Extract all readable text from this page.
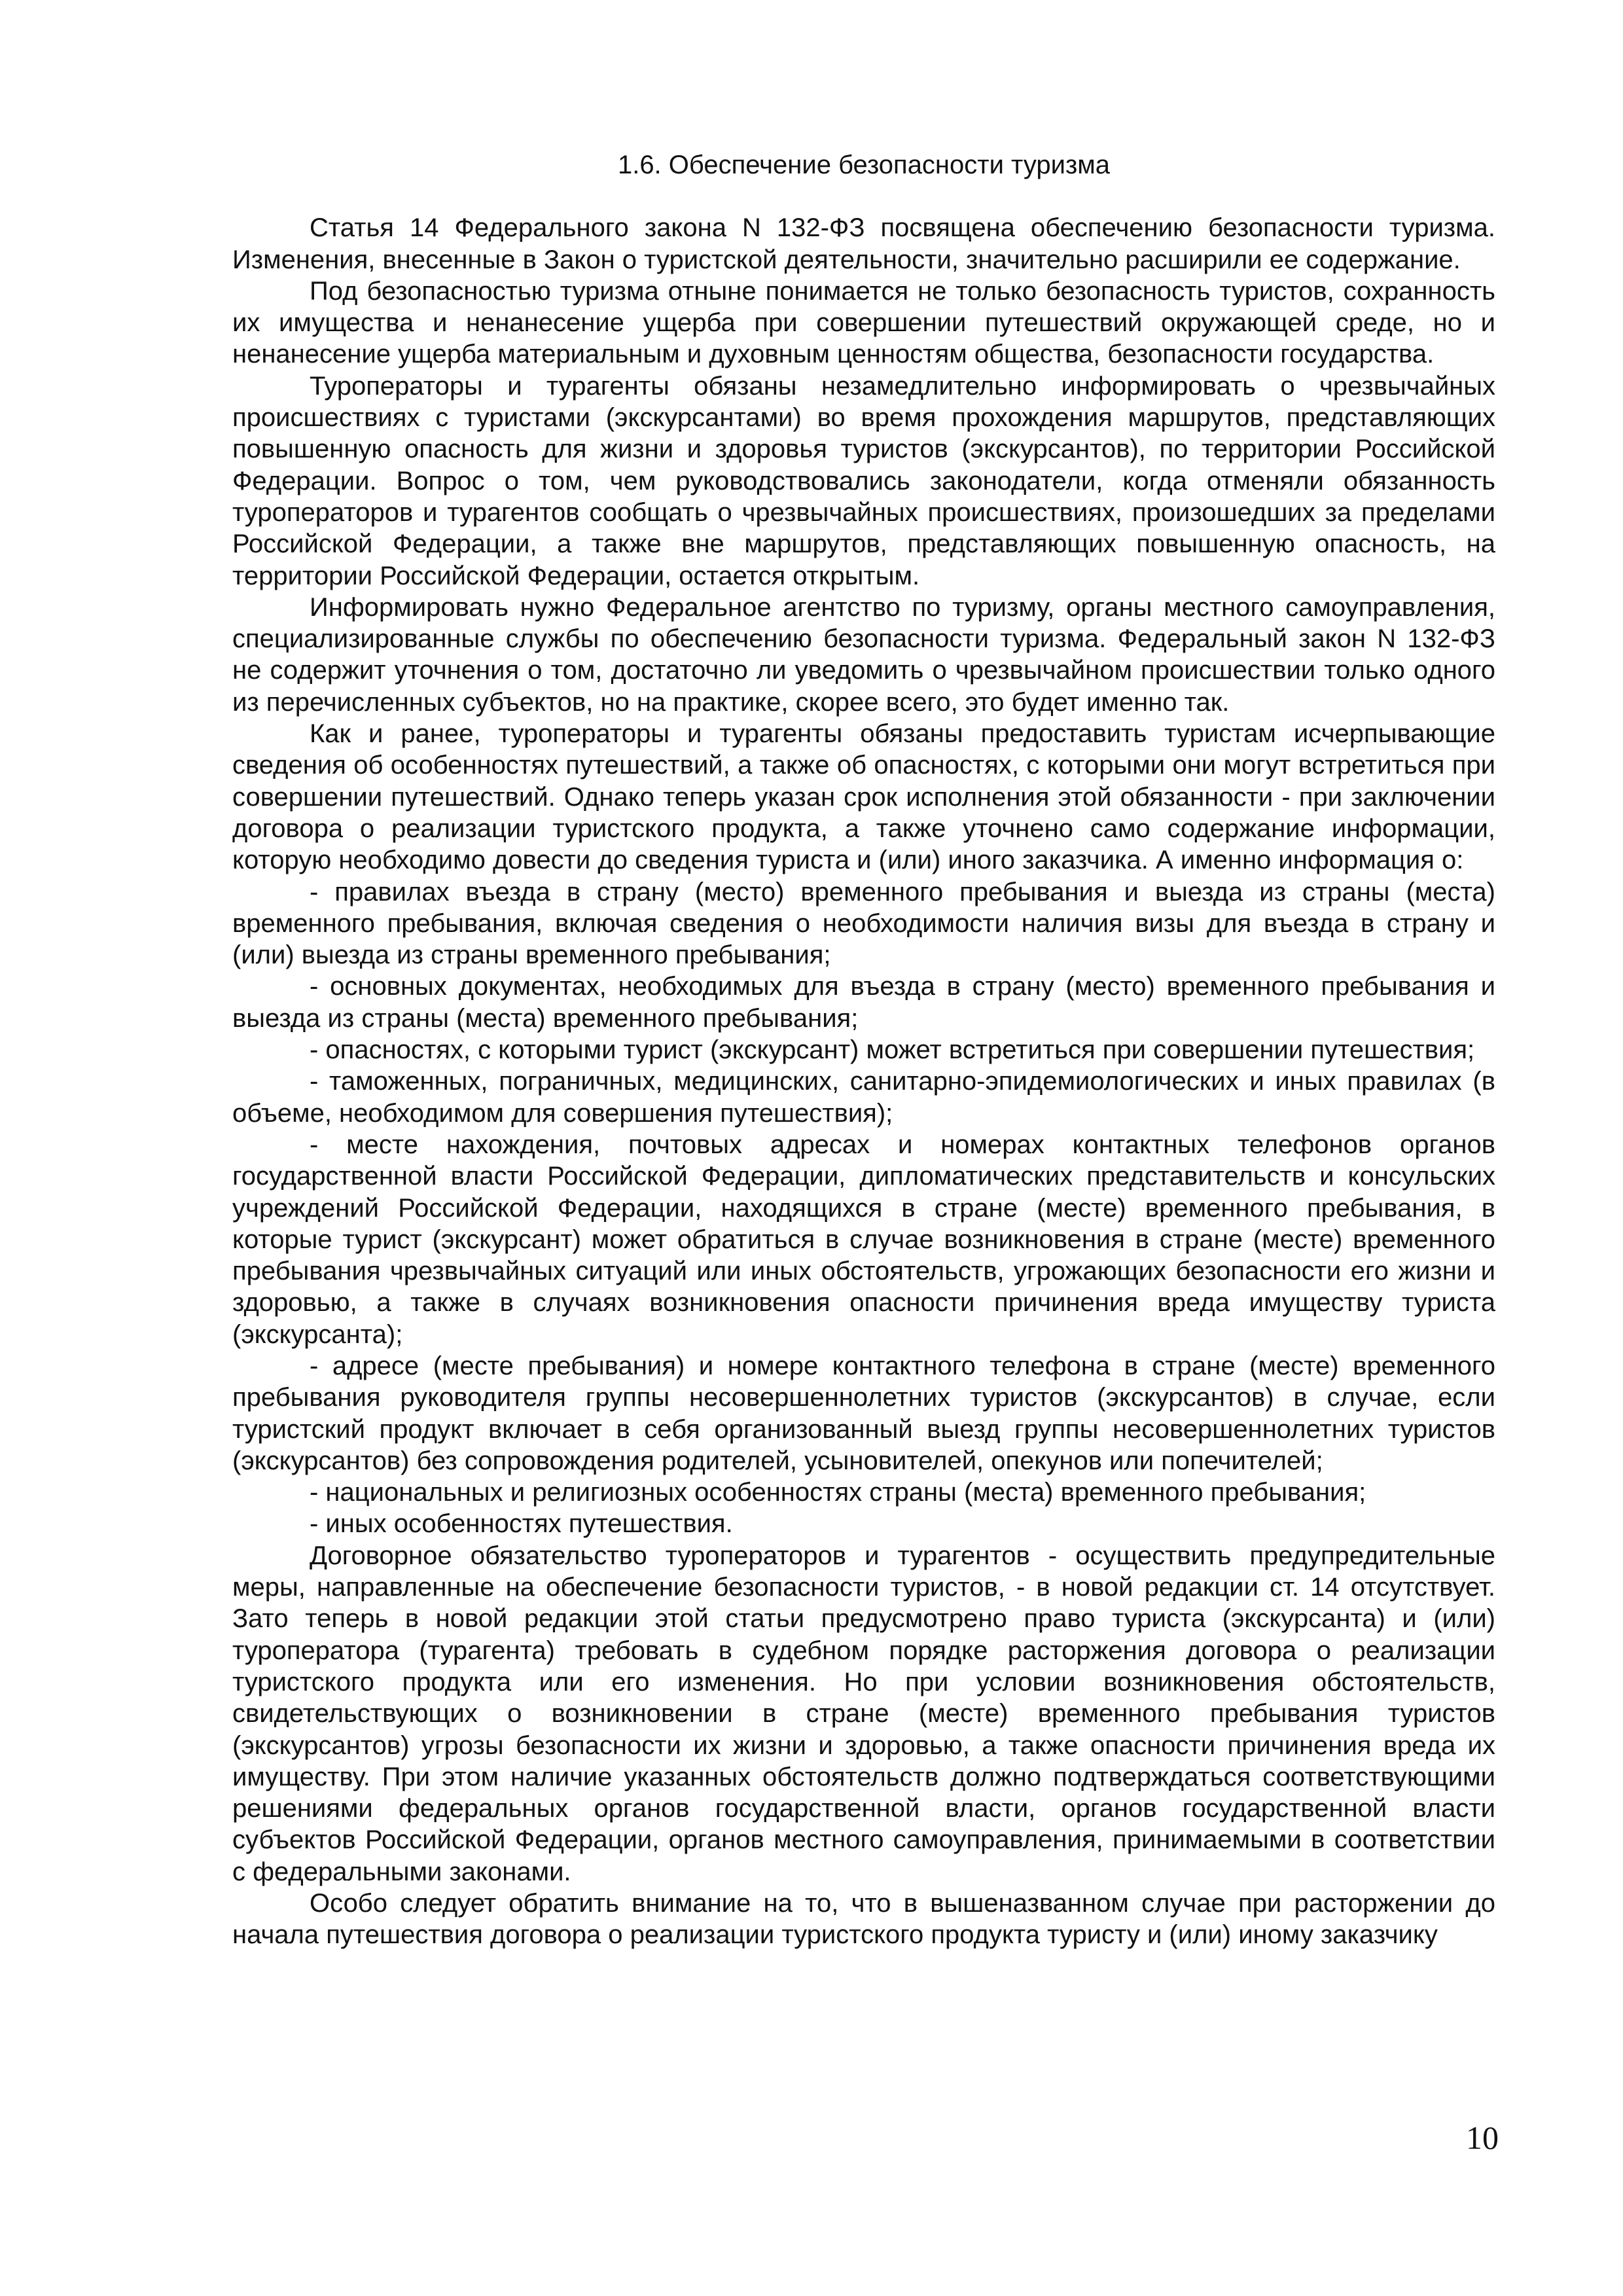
1.6. Обеспечение безопасности туризма

Статья 14 Федерального закона N 132-ФЗ посвящена обеспечению безопасности туризма. Изменения, внесенные в Закон о туристской деятельности, значительно расширили ее содержание.

Под безопасностью туризма отныне понимается не только безопасность туристов, сохранность их имущества и ненанесение ущерба при совершении путешествий окружающей среде, но и ненанесение ущерба материальным и духовным ценностям общества, безопасности государства.

Туроператоры и турагенты обязаны незамедлительно информировать о чрезвычайных происшествиях с туристами (экскурсантами) во время прохождения маршрутов, представляющих повышенную опасность для жизни и здоровья туристов (экскурсантов), по территории Российской Федерации. Вопрос о том, чем руководствовались законодатели, когда отменяли обязанность туроператоров и турагентов сообщать о чрезвычайных происшествиях, произошедших за пределами Российской Федерации, а также вне маршрутов, представляющих повышенную опасность, на территории Российской Федерации, остается открытым.

Информировать нужно Федеральное агентство по туризму, органы местного самоуправления, специализированные службы по обеспечению безопасности туризма. Федеральный закон N 132-ФЗ не содержит уточнения о том, достаточно ли уведомить о чрезвычайном происшествии только одного из перечисленных субъектов, но на практике, скорее всего, это будет именно так.

Как и ранее, туроператоры и турагенты обязаны предоставить туристам исчерпывающие сведения об особенностях путешествий, а также об опасностях, с которыми они могут встретиться при совершении путешествий. Однако теперь указан срок исполнения этой обязанности - при заключении договора о реализации туристского продукта, а также уточнено само содержание информации, которую необходимо довести до сведения туриста и (или) иного заказчика. А именно информация о:

- правилах въезда в страну (место) временного пребывания и выезда из страны (места) временного пребывания, включая сведения о необходимости наличия визы для въезда в страну и (или) выезда из страны временного пребывания;

- основных документах, необходимых для въезда в страну (место) временного пребывания и выезда из страны (места) временного пребывания;

- опасностях, с которыми турист (экскурсант) может встретиться при совершении путешествия;

- таможенных, пограничных, медицинских, санитарно-эпидемиологических и иных правилах (в объеме, необходимом для совершения путешествия);

- месте нахождения, почтовых адресах и номерах контактных телефонов органов государственной власти Российской Федерации, дипломатических представительств и консульских учреждений Российской Федерации, находящихся в стране (месте) временного пребывания, в которые турист (экскурсант) может обратиться в случае возникновения в стране (месте) временного пребывания чрезвычайных ситуаций или иных обстоятельств, угрожающих безопасности его жизни и здоровью, а также в случаях возникновения опасности причинения вреда имуществу туриста (экскурсанта);

- адресе (месте пребывания) и номере контактного телефона в стране (месте) временного пребывания руководителя группы несовершеннолетних туристов (экскурсантов) в случае, если туристский продукт включает в себя организованный выезд группы несовершеннолетних туристов (экскурсантов) без сопровождения родителей, усыновителей, опекунов или попечителей;

- национальных и религиозных особенностях страны (места) временного пребывания;

- иных особенностях путешествия.

Договорное обязательство туроператоров и турагентов - осуществить предупредительные меры, направленные на обеспечение безопасности туристов, - в новой редакции ст. 14 отсутствует. Зато теперь в новой редакции этой статьи предусмотрено право туриста (экскурсанта) и (или) туроператора (турагента) требовать в судебном порядке расторжения договора о реализации туристского продукта или его изменения. Но при условии возникновения обстоятельств, свидетельствующих о возникновении в стране (месте) временного пребывания туристов (экскурсантов) угрозы безопасности их жизни и здоровью, а также опасности причинения вреда их имуществу. При этом наличие указанных обстоятельств должно подтверждаться соответствующими решениями федеральных органов государственной власти, органов государственной власти субъектов Российской Федерации, органов местного самоуправления, принимаемыми в соответствии с федеральными законами.

Особо следует обратить внимание на то, что в вышеназванном случае при расторжении до начала путешествия договора о реализации туристского продукта туристу и (или) иному заказчику

10
